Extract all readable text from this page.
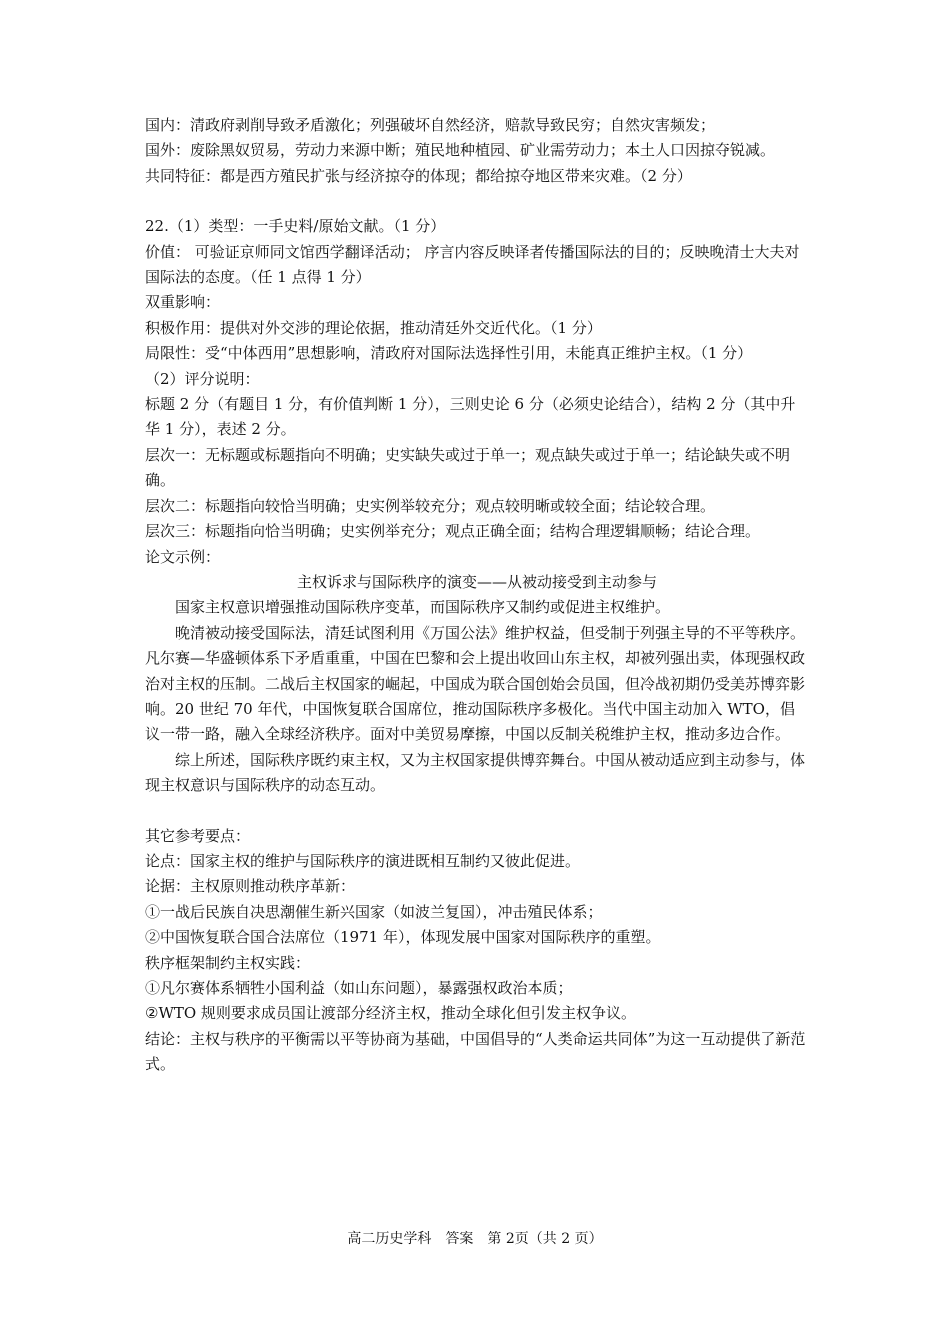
国内：清政府剥削导致矛盾激化；列强破坏自然经济，赔款导致民穷；自然灾害频发；

国外：废除黑奴贸易，劳动力来源中断；殖民地种植园、矿业需劳动力；本土人口因掠夺锐减。

共同特征：都是西方殖民扩张与经济掠夺的体现；都给掠夺地区带来灾难。（2 分）

22.（1）类型：一手史料/原始文献。（1 分）

价值： 可验证京师同文馆西学翻译活动； 序言内容反映译者传播国际法的目的；反映晚清士大夫对国际法的态度。（任 1 点得 1 分）

双重影响：

积极作用：提供对外交涉的理论依据，推动清廷外交近代化。（1 分）

局限性：受“中体西用”思想影响，清政府对国际法选择性引用，未能真正维护主权。（1 分）

（2）评分说明：

标题 2 分（有题目 1 分，有价值判断 1 分），三则史论 6 分（必须史论结合），结构 2 分（其中升华 1 分），表述 2 分。

层次一：无标题或标题指向不明确；史实缺失或过于单一；观点缺失或过于单一；结论缺失或不明确。

层次二：标题指向较恰当明确；史实例举较充分；观点较明晰或较全面；结论较合理。

层次三：标题指向恰当明确；史实例举充分；观点正确全面；结构合理逻辑顺畅；结论合理。

论文示例：

主权诉求与国际秩序的演变——从被动接受到主动参与

国家主权意识增强推动国际秩序变革，而国际秩序又制约或促进主权维护。

晚清被动接受国际法，清廷试图利用《万国公法》维护权益，但受制于列强主导的不平等秩序。凡尔赛—华盛顿体系下矛盾重重，中国在巴黎和会上提出收回山东主权，却被列强出卖，体现强权政治对主权的压制。二战后主权国家的崛起，中国成为联合国创始会员国，但冷战初期仍受美苏博弈影响。20 世纪 70 年代，中国恢复联合国席位，推动国际秩序多极化。当代中国主动加入 WTO，倡议一带一路，融入全球经济秩序。面对中美贸易摩擦，中国以反制关税维护主权，推动多边合作。

综上所述，国际秩序既约束主权，又为主权国家提供博弈舞台。中国从被动适应到主动参与，体现主权意识与国际秩序的动态互动。

其它参考要点：

论点：国家主权的维护与国际秩序的演进既相互制约又彼此促进。

论据：主权原则推动秩序革新：

①一战后民族自决思潮催生新兴国家（如波兰复国），冲击殖民体系；

②中国恢复联合国合法席位（1971 年），体现发展中国家对国际秩序的重塑。

秩序框架制约主权实践：

①凡尔赛体系牺牲小国利益（如山东问题），暴露强权政治本质；

②WTO 规则要求成员国让渡部分经济主权，推动全球化但引发主权争议。

结论：主权与秩序的平衡需以平等协商为基础，中国倡导的“人类命运共同体”为这一互动提供了新范式。

高二历史学科　答案　第 2页（共 2 页）
